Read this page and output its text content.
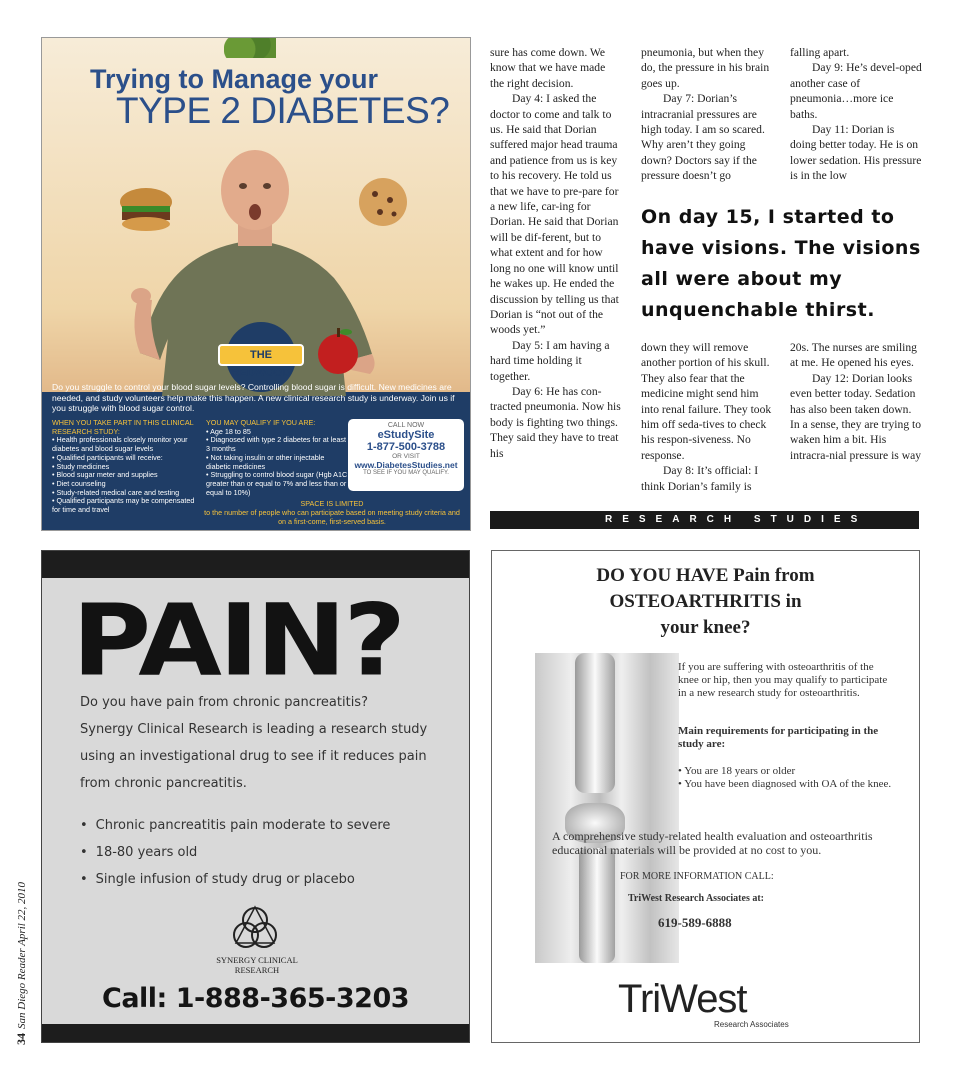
34San Diego Reader April 22, 2010
Trying to Manage your
TYPE 2 DIABETES?
THE REDWOOD
Do you struggle to control your blood sugar levels? Controlling blood sugar is difficult. New medicines are needed, and study volunteers help make this happen. A new clinical research study is underway. Join us if you struggle with blood sugar control.
WHEN YOU TAKE PART IN THIS CLINICAL RESEARCH STUDY:
• Health professionals closely monitor your diabetes and blood sugar levels
• Qualified participants will receive:
• Study medicines
• Blood sugar meter and supplies
• Diet counseling
• Study-related medical care and testing
• Qualified participants may be compensated for time and travel
YOU MAY QUALIFY IF YOU ARE:
• Age 18 to 85
• Diagnosed with type 2 diabetes for at least 3 months
• Not taking insulin or other injectable diabetic medicines
• Struggling to control blood sugar (Hgb A1C greater than or equal to 7% and less than or equal to 10%)
CALL NOW
eStudySite
1-877-500-3788
OR VISIT
www.DiabetesStudies.net
TO SEE IF YOU MAY QUALIFY.
SPACE IS LIMITED
to the number of people who can participate based on meeting study criteria and on a first-come, first-served basis.

sure has come down. We know that we have made the right decision.

Day 4: I asked the doctor to come and talk to us. He said that Dorian suffered major head trauma and patience from us is key to his recovery. He told us that we have to pre-pare for a new life, car-ing for Dorian. He said that Dorian will be dif-ferent, but to what extent and for how long no one will know until he wakes up. He ended the discussion by telling us that Dorian is “not out of the woods yet.”

Day 5: I am having a hard time holding it together.

Day 6: He has con-tracted pneumonia. Now his body is fighting two things. They said they have to treat his

pneumonia, but when they do, the pressure in his brain goes up.

Day 7: Dorian’s intracranial pressures are high today. I am so scared. Why aren’t they going down? Doctors say if the pressure doesn’t go

falling apart.

Day 9: He’s devel-oped another case of pneumonia…more ice baths.

Day 11: Dorian is doing better today. He is on lower sedation. His pressure is in the low

On day 15, I started to have visions. The visions all were about my unquenchable thirst.

down they will remove another portion of his skull. They also fear that the medicine might send him into renal failure. They took him off seda-tives to check his respon-siveness. No response.

Day 8: It’s official: I think Dorian’s family is

20s. The nurses are smiling at me. He opened his eyes.

Day 12: Dorian looks even better today. Sedation has also been taken down. In a sense, they are trying to waken him a bit. His intracra-nial pressure is way

RESEARCH STUDIES
PAIN?
Do you have pain from chronic pancreatitis?
Synergy Clinical Research is leading a research study
using an investigational drug to see if it reduces pain
from chronic pancreatitis.
• Chronic pancreatitis pain moderate to severe
• 18-80 years old
• Single infusion of study drug or placebo
SYNERGY CLINICAL
RESEARCH
Call: 1-888-365-3203
DO YOU HAVE Pain from
OSTEOARTHRITIS in
your knee?
If you are suffering with osteoarthritis of the knee or hip, then you may qualify to participate in a new research study for osteoarthritis.
Main requirements for participating in the study are:
• You are 18 years or older
• You have been diagnosed with OA of the knee.
A comprehensive study-related health evaluation and osteoarthritis educational materials will be provided at no cost to you.
FOR MORE INFORMATION CALL:
TriWest Research Associates at:
619-589-6888
TriWest
Research Associates
